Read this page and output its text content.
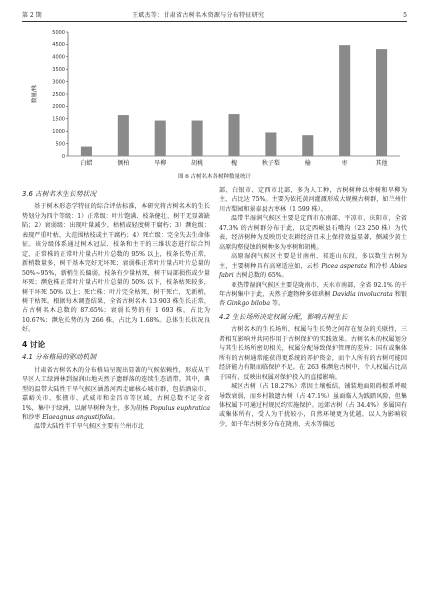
第 2 期	王斌杰等：甘肃省古树名木资源与分布特征研究	5
0
500
1000
1500
2000
2500
3000
3500
4000
4500
5000
数量/株
白蜡	侧柏	旱柳	胡桃	槐	秋子梨	榆	枣	其他
图 6 古树名木各树种数量统计
3.6 古树名木生长势状况

基于树木形态学特征的综合评估标准，本研究将古树名木的生长势划分为四个等级：1）正常级：叶片饱满、枝条健壮，树干无显著缺陷；2）衰弱级：出现叶量减少、枯梢或轻度树干腐朽；3）濒危级：表现严重叶枯、大范围枯枝或主干腐朽；4）死亡级：完全失去生命体征。该分级体系通过树木冠层、枝条和主干的三维状态进行综合判定，正常株的正常叶片量占叶片总数的 95% 以上，枝条长势正常，新梢数量多，树干基本完好无坏死；衰弱株正常叶片量占叶片总量的 50%~95%，新梢生长偏弱，枝条有少量枯死，树干局部损伤或少量坏死；濒危株正常叶片量占叶片总量的 50% 以下，枝条枯死较多，树干坏死 50% 以上；死亡株：叶片完全枯死，树干死亡，无新梢，树干枯死。根据每木调查结果，全省古树名木 13 903 株生长正常，占古树名木总数的 87.65%；衰弱长势的有 1 693 株，占比为 10.67%；濒危长势的为 266 株，占比为 1.68%。总体生长状况良好。

4 讨论
4.1 分布格局的驱动机制

甘肃省古树名木的分布格局呈现出显著的气候依赖性，形成从干旱区人工绿洲林到湿润山地天然子遗群落的连续生态谱带。其中，典型的温带大陆性干旱气候区涵盖河西走廊核心城市群，包括酒泉市、嘉峪关市、张掖市、武威市和金昌市等区域，古树总数不足全省 1%，集中于绿洲，以耐旱树种为主，多为胡杨 Populus euphratica 和沙枣 Elaeagnus angustifolia。

温带大陆性半干旱气候区主要有兰州市北

部、白银市、定西市北部，多为人工种，古树树种以枣树和旱柳为主，占比达 75%。主要为依托黄河灌溉形成大规模古树群，如兰州什川古梨园和景泰县古枣林（1 599 株）。

温带半湿润气候区主要是定西市东南部、平凉市、庆阳市，全省 47.3% 的古树群分布于此，以定西岷县石嘴沟（23 250 株）为代表，经济树种为反映历史农耕经济且未上保持效益显著，侧减少黄土高原沟壑侵蚀的树种多为枣树和胡桃。

高原湿润气候区主要是甘南州、祁连山东段，多以数生古树为主，主要树种具有高寒适应如，云杉 Picea asperata 和冷杉 Abies fabri 古树总数的 65%。

亚热带湿润气候区主要是陇南市、天水市南部，全省 92.1% 的千年古树集中于此，天然子遗物种多如珙桐 Davidia involucrata 和银杏 Ginkgo biloba 等。

4.2 生长场所决定权属分配，影响古树生长

古树名木的生长场所、权属与生长势之间存在复杂的关联性，三者相互影响并共同作用于古树保护的实践效果。古树名木的权属划分与其生长场所密切相关，权属分配导致保护管理的差异；国有或集体所有的古树通常能获得更系统的养护资金，而个人所有的古树可能因经济能力有限而临保护不足。在 263 株濒危古树中，个人权属占比高于国有，反映出权属对保护投入的直接影响。

城区古树（占 18.27%）常因土壤板结、铺装地面阻碍根系呼吸导致衰弱，而乡村散遗古树（占 47.1%）虽面临人为践踏风险，但集体权属下可通过村规民约实施保护。远郊古树（占 34.4%）多属国有或集体所有，受人为干扰较小，自然环境更为优越，以人为影响较少，如千年古树多分布在陇南、天水等偏远
